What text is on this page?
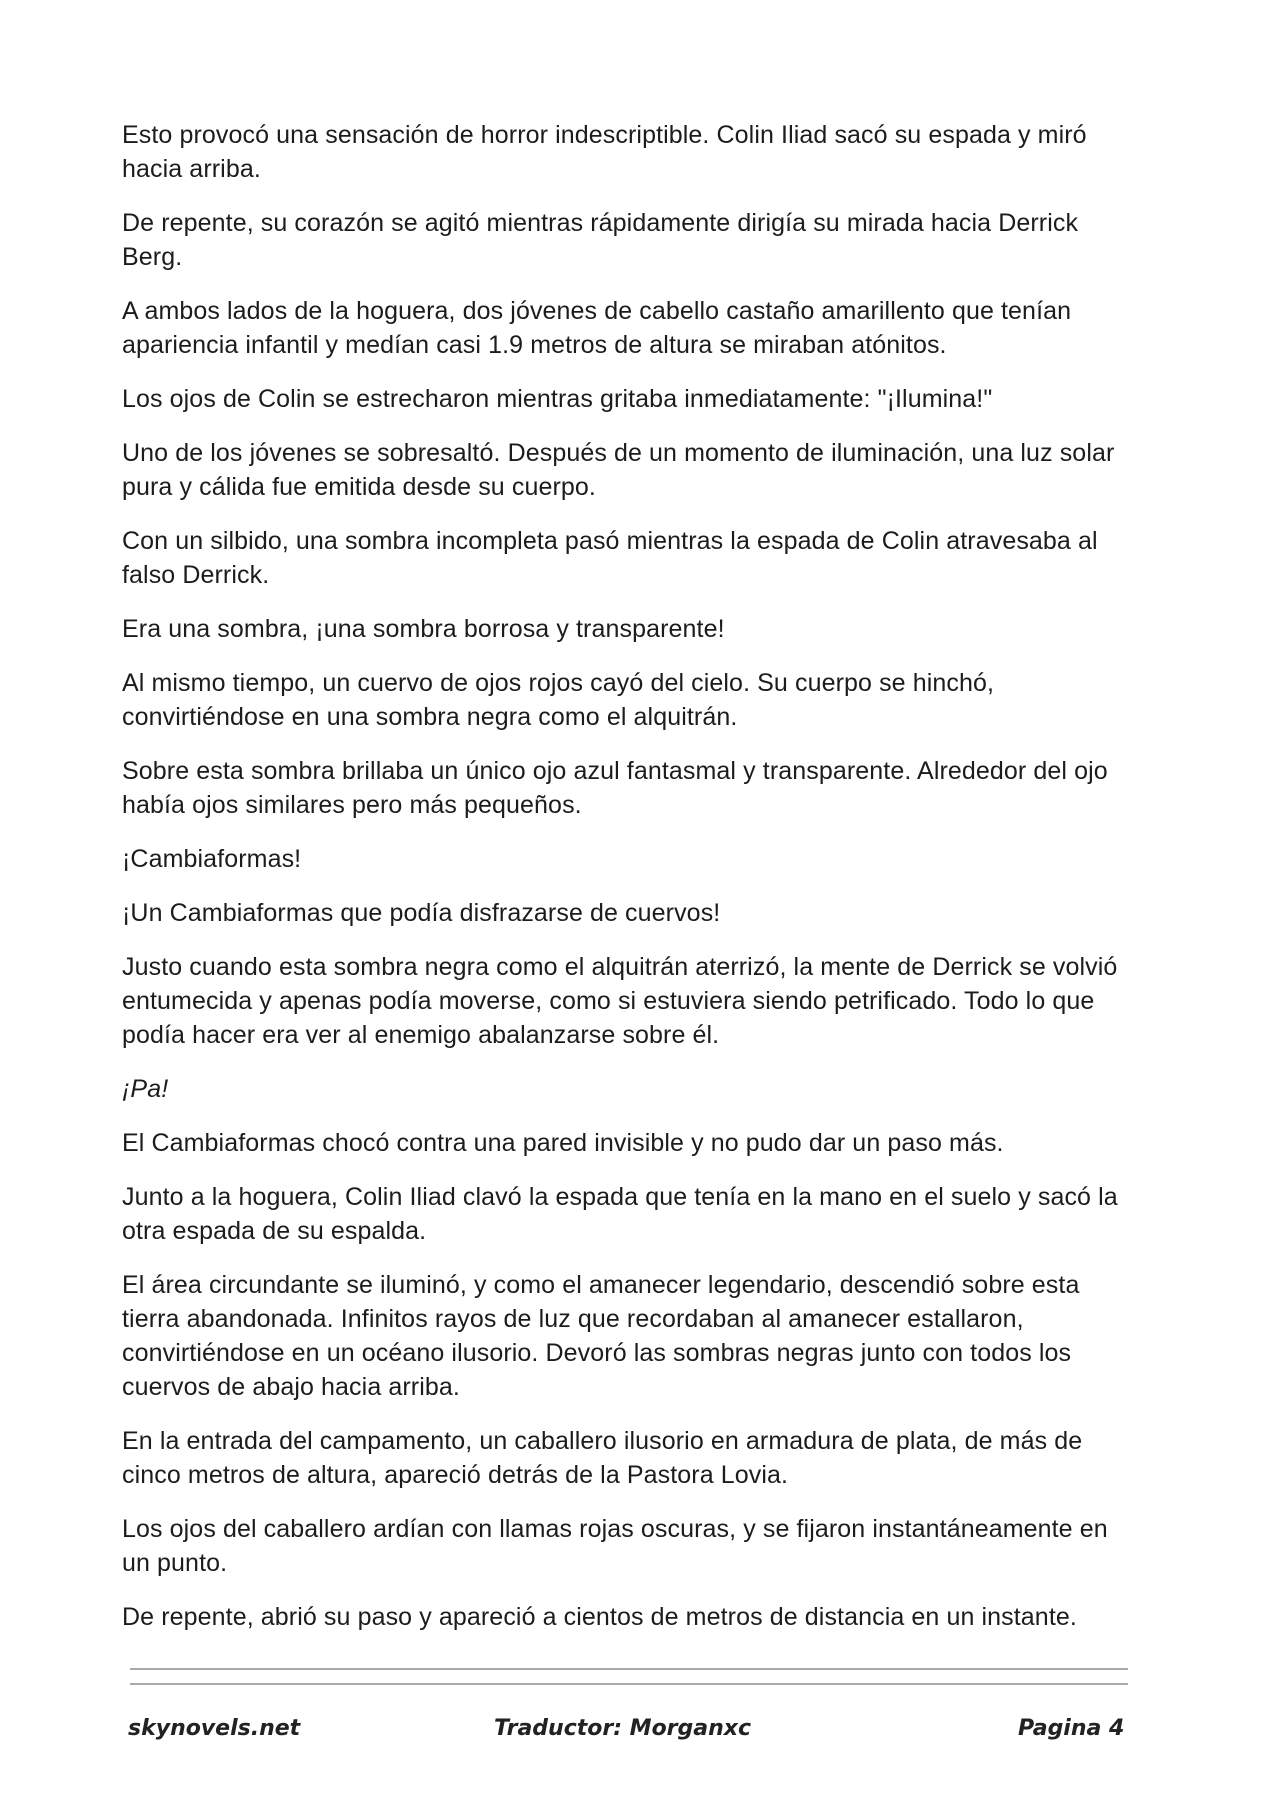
Esto provocó una sensación de horror indescriptible. Colin Iliad sacó su espada y miró hacia arriba.

De repente, su corazón se agitó mientras rápidamente dirigía su mirada hacia Derrick Berg.

A ambos lados de la hoguera, dos jóvenes de cabello castaño amarillento que tenían apariencia infantil y medían casi 1.9 metros de altura se miraban atónitos.

Los ojos de Colin se estrecharon mientras gritaba inmediatamente: "¡Ilumina!"

Uno de los jóvenes se sobresaltó. Después de un momento de iluminación, una luz solar pura y cálida fue emitida desde su cuerpo.

Con un silbido, una sombra incompleta pasó mientras la espada de Colin atravesaba al falso Derrick.

Era una sombra, ¡una sombra borrosa y transparente!

Al mismo tiempo, un cuervo de ojos rojos cayó del cielo. Su cuerpo se hinchó, convirtiéndose en una sombra negra como el alquitrán.

Sobre esta sombra brillaba un único ojo azul fantasmal y transparente. Alrededor del ojo había ojos similares pero más pequeños.

¡Cambiaformas!

¡Un Cambiaformas que podía disfrazarse de cuervos!

Justo cuando esta sombra negra como el alquitrán aterrizó, la mente de Derrick se volvió entumecida y apenas podía moverse, como si estuviera siendo petrificado. Todo lo que podía hacer era ver al enemigo abalanzarse sobre él.

¡Pa!

El Cambiaformas chocó contra una pared invisible y no pudo dar un paso más.

Junto a la hoguera, Colin Iliad clavó la espada que tenía en la mano en el suelo y sacó la otra espada de su espalda.

El área circundante se iluminó, y como el amanecer legendario, descendió sobre esta tierra abandonada. Infinitos rayos de luz que recordaban al amanecer estallaron, convirtiéndose en un océano ilusorio. Devoró las sombras negras junto con todos los cuervos de abajo hacia arriba.

En la entrada del campamento, un caballero ilusorio en armadura de plata, de más de cinco metros de altura, apareció detrás de la Pastora Lovia.

Los ojos del caballero ardían con llamas rojas oscuras, y se fijaron instantáneamente en un punto.

De repente, abrió su paso y apareció a cientos de metros de distancia en un instante.

skynovels.net	Traductor: Morganxc	Pagina 4
